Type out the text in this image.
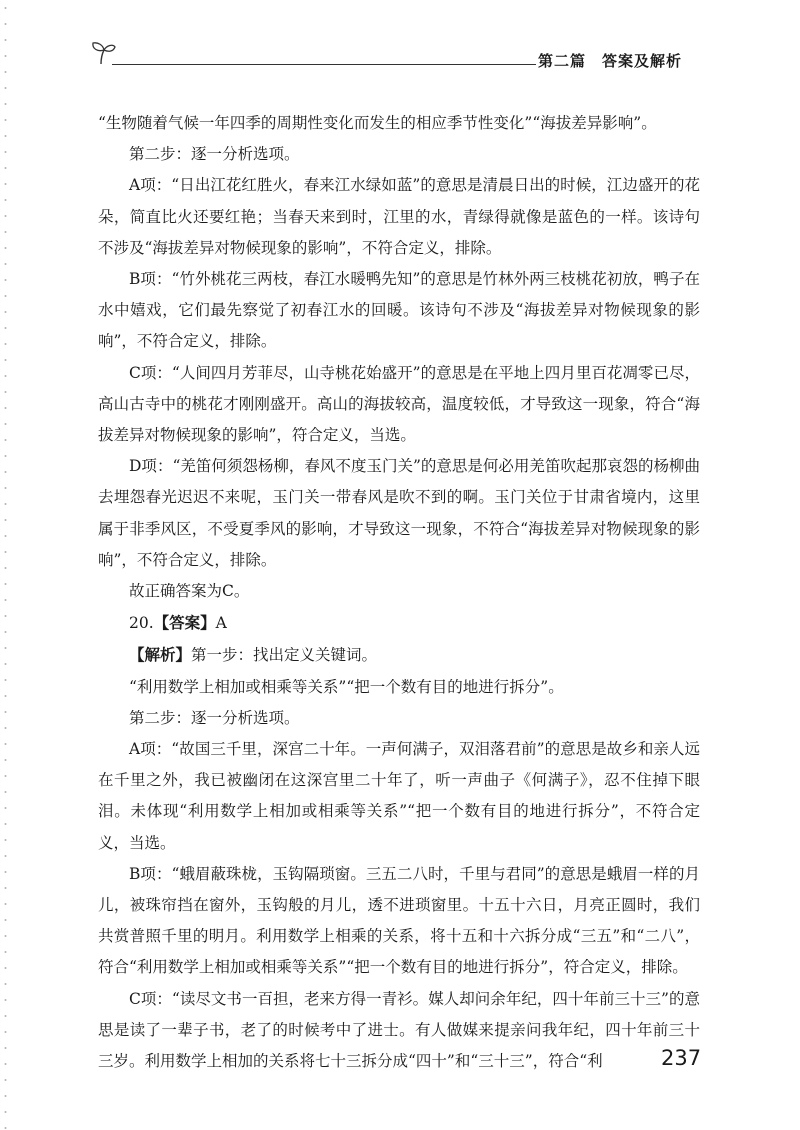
第二篇　答案及解析

“生物随着气候一年四季的周期性变化而发生的相应季节性变化”“海拔差异影响”。

第二步：逐一分析选项。

A项：“日出江花红胜火，春来江水绿如蓝”的意思是清晨日出的时候，江边盛开的花朵，简直比火还要红艳；当春天来到时，江里的水，青绿得就像是蓝色的一样。该诗句不涉及“海拔差异对物候现象的影响”，不符合定义，排除。

B项：“竹外桃花三两枝，春江水暖鸭先知”的意思是竹林外两三枝桃花初放，鸭子在水中嬉戏，它们最先察觉了初春江水的回暖。该诗句不涉及“海拔差异对物候现象的影响”，不符合定义，排除。

C项：“人间四月芳菲尽，山寺桃花始盛开”的意思是在平地上四月里百花凋零已尽，高山古寺中的桃花才刚刚盛开。高山的海拔较高，温度较低，才导致这一现象，符合“海拔差异对物候现象的影响”，符合定义，当选。

D项：“羌笛何须怨杨柳，春风不度玉门关”的意思是何必用羌笛吹起那哀怨的杨柳曲去埋怨春光迟迟不来呢，玉门关一带春风是吹不到的啊。玉门关位于甘肃省境内，这里属于非季风区，不受夏季风的影响，才导致这一现象，不符合“海拔差异对物候现象的影响”，不符合定义，排除。

故正确答案为C。

20.【答案】A

【解析】第一步：找出定义关键词。

“利用数学上相加或相乘等关系”“把一个数有目的地进行拆分”。

第二步：逐一分析选项。

A项：“故国三千里，深宫二十年。一声何满子，双泪落君前”的意思是故乡和亲人远在千里之外，我已被幽闭在这深宫里二十年了，听一声曲子《何满子》，忍不住掉下眼泪。未体现“利用数学上相加或相乘等关系”“把一个数有目的地进行拆分”，不符合定义，当选。

B项：“蛾眉蔽珠栊，玉钩隔琐窗。三五二八时，千里与君同”的意思是蛾眉一样的月儿，被珠帘挡在窗外，玉钩般的月儿，透不进琐窗里。十五十六日，月亮正圆时，我们共赏普照千里的明月。利用数学上相乘的关系，将十五和十六拆分成“三五”和“二八”，符合“利用数学上相加或相乘等关系”“把一个数有目的地进行拆分”，符合定义，排除。

C项：“读尽文书一百担，老来方得一青衫。媒人却问余年纪，四十年前三十三”的意思是读了一辈子书，老了的时候考中了进士。有人做媒来提亲问我年纪，四十年前三十三岁。利用数学上相加的关系将七十三拆分成“四十”和“三十三”，符合“利	237
